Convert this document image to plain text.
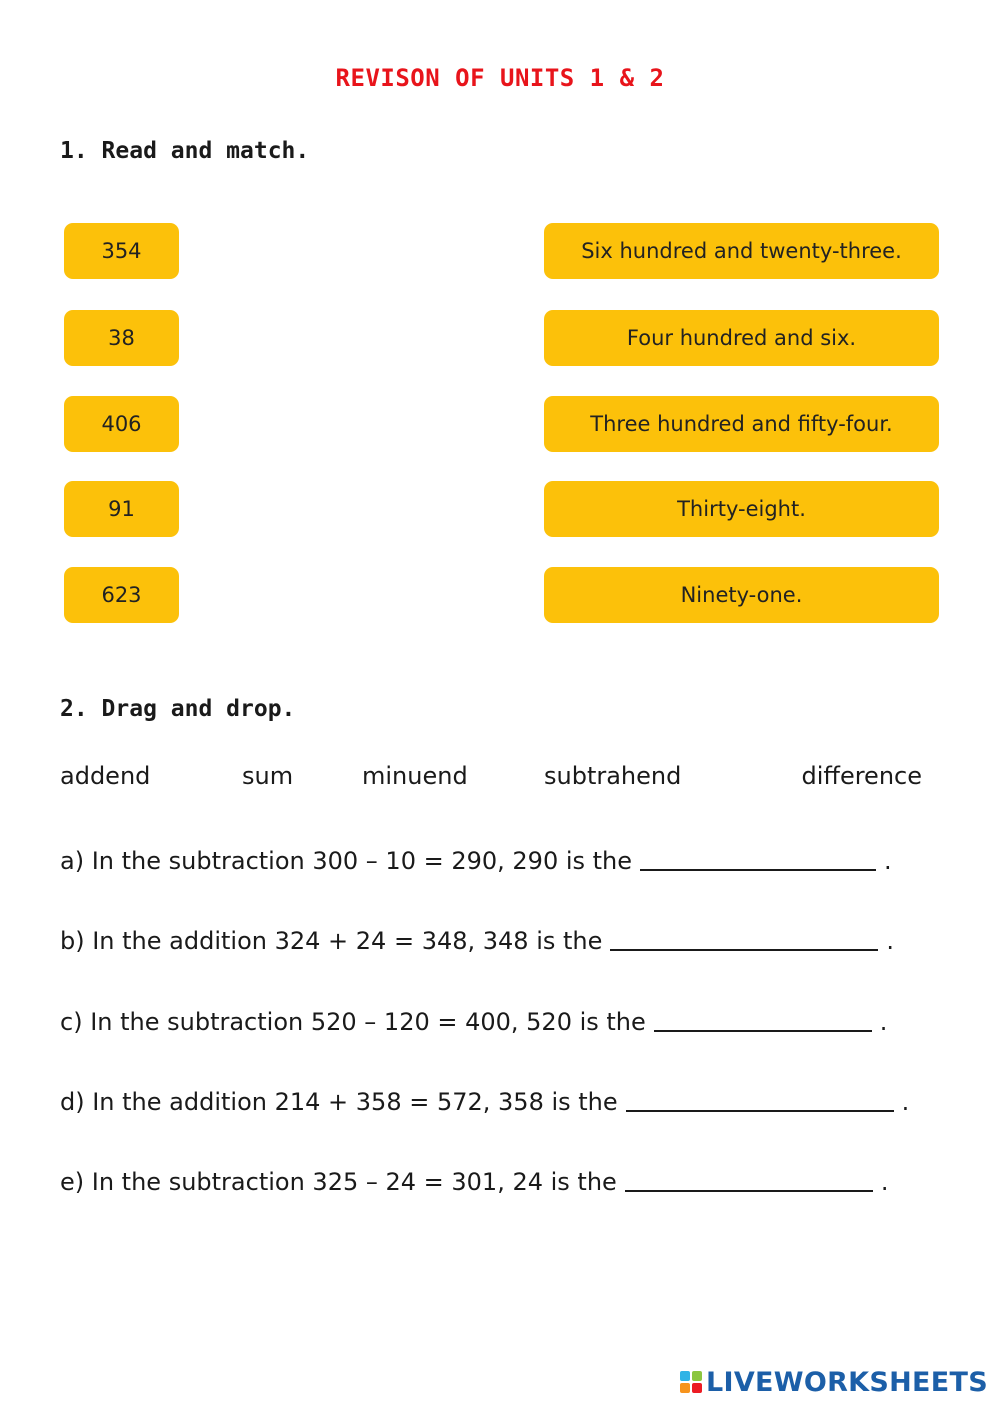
REVISON OF UNITS 1 & 2
1. Read and match.
354
38
406
91
623
Six hundred and twenty-three.
Four hundred and six.
Three hundred and fifty-four.
Thirty-eight.
Ninety-one.
2. Drag and drop.
addend	sum	minuend	subtrahend	difference
a) In the subtraction 300 – 10 = 290, 290 is the	.
b) In the addition 324 + 24 = 348, 348 is the	.
c) In the subtraction 520 – 120 = 400, 520 is the	.
d) In the addition 214 + 358 = 572, 358 is the	.
e) In the subtraction 325 – 24 = 301, 24 is the	.
LIVEWORKSHEETS
